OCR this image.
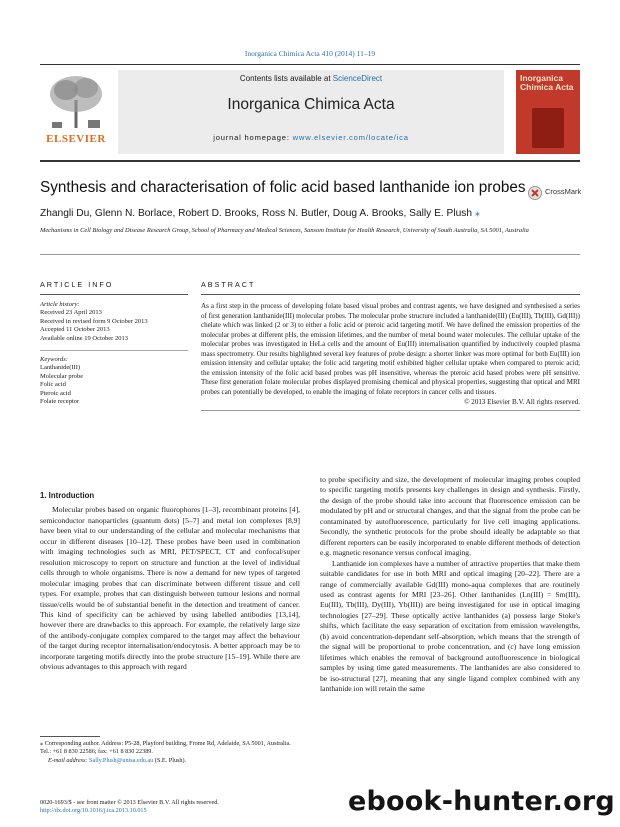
Inorganica Chimica Acta 410 (2014) 11–19
ELSEVIER
Contents lists available at ScienceDirect
Inorganica Chimica Acta
journal homepage: www.elsevier.com/locate/ica
Inorganica Chimica Acta
Synthesis and characterisation of folic acid based lanthanide ion probes	CrossMark
Zhangli Du, Glenn N. Borlace, Robert D. Brooks, Ross N. Butler, Doug A. Brooks, Sally E. Plush ⁎
Mechanisms in Cell Biology and Disease Research Group, School of Pharmacy and Medical Sciences, Sansom Institute for Health Research, University of South Australia, SA 5001, Australia
ARTICLE INFO
Article history:
Received 23 April 2013
Received in revised form 9 October 2013
Accepted 11 October 2013
Available online 19 October 2013
Keywords:
Lanthanide(III)
Molecular probe
Folic acid
Pteroic acid
Folate receptor
ABSTRACT
As a first step in the process of developing folate based visual probes and contrast agents, we have designed and synthesised a series of first generation lanthanide(III) molecular probes. The molecular probe structure included a lanthanide(III) (Eu(III), Tb(III), Gd(III)) chelate which was linked (2 or 3) to either a folic acid or pteroic acid targeting motif. We have defined the emission properties of the molecular probes at different pHs, the emission lifetimes, and the number of metal bound water molecules. The cellular uptake of the molecular probes was investigated in HeLa cells and the amount of Eu(III) internalisation quantified by inductively coupled plasma mass spectrometry. Our results highlighted several key features of probe design: a shorter linker was more optimal for both Eu(III) ion emission intensity and cellular uptake; the folic acid targeting motif exhibited higher cellular uptake when compared to pteroic acid; the emission intensity of the folic acid based probes was pH insensitive, whereas the pteroic acid based probes were pH sensitive. These first generation folate molecular probes displayed promising chemical and physical properties, suggesting that optical and MRI probes can potentially be developed, to enable the imaging of folate receptors in cancer cells and tissues.
© 2013 Elsevier B.V. All rights reserved.
1. Introduction

Molecular probes based on organic fluorophores [1–3], recombinant proteins [4], semiconductor nanoparticles (quantum dots) [5–7] and metal ion complexes [8,9] have been vital to our understanding of the cellular and molecular mechanisms that occur in different diseases [10–12]. These probes have been used in combination with imaging technologies such as MRI, PET/SPECT, CT and confocal/super resolution microscopy to report on structure and function at the level of individual cells through to whole organisms. There is now a demand for new types of targeted molecular imaging probes that can discriminate between different tissue and cell types. For example, probes that can distinguish between tumour lesions and normal tissue/cells would be of substantial benefit in the detection and treatment of cancer. This kind of specificity can be achieved by using labelled antibodies [13,14], however there are drawbacks to this approach. For example, the relatively large size of the antibody-conjugate complex compared to the target may affect the behaviour of the target during receptor internalisation/endocytosis. A better approach may be to incorporate targeting motifs directly into the probe structure [15–19]. While there are obvious advantages to this approach with regard

to probe specificity and size, the development of molecular imaging probes coupled to specific targeting motifs presents key challenges in design and synthesis. Firstly, the design of the probe should take into account that fluorescence emission can be modulated by pH and or structural changes, and that the signal from the probe can be contaminated by autofluorescence, particularly for live cell imaging applications. Secondly, the synthetic protocols for the probe should ideally be adaptable so that different reporters can be easily incorporated to enable different methods of detection e.g. magnetic resonance versus confocal imaging.

Lanthanide ion complexes have a number of attractive properties that make them suitable candidates for use in both MRI and optical imaging [20–22]. There are a range of commercially available Gd(III) mono-aqua complexes that are routinely used as contrast agents for MRI [23–26]. Other lanthanides (Ln(III) = Sm(III), Eu(III), Tb(III), Dy(III), Yb(III)) are being investigated for use in optical imaging technologies [27–29]. These optically active lanthanides (a) possess large Stoke's shifts, which facilitate the easy separation of excitation from emission wavelengths, (b) avoid concentration-dependant self-absorption, which means that the strength of the signal will be proportional to probe concentration, and (c) have long emission lifetimes which enables the removal of background autofluorescence in biological samples by using time gated measurements. The lanthanides are also considered to be iso-structural [27], meaning that any single ligand complex combined with any lanthanide ion will retain the same

⁎ Corresponding author. Address: P5-28, Playford building, Frome Rd, Adelaide, SA 5001, Australia. Tel.: +61 8 830 22586; fax: +61 8 830 22389.
E-mail address: Sally.Plush@unisa.edu.au (S.E. Plush).
0020-1693/$ - see front matter © 2013 Elsevier B.V. All rights reserved.
http://dx.doi.org/10.1016/j.ica.2013.10.015	ebook-hunter.org
